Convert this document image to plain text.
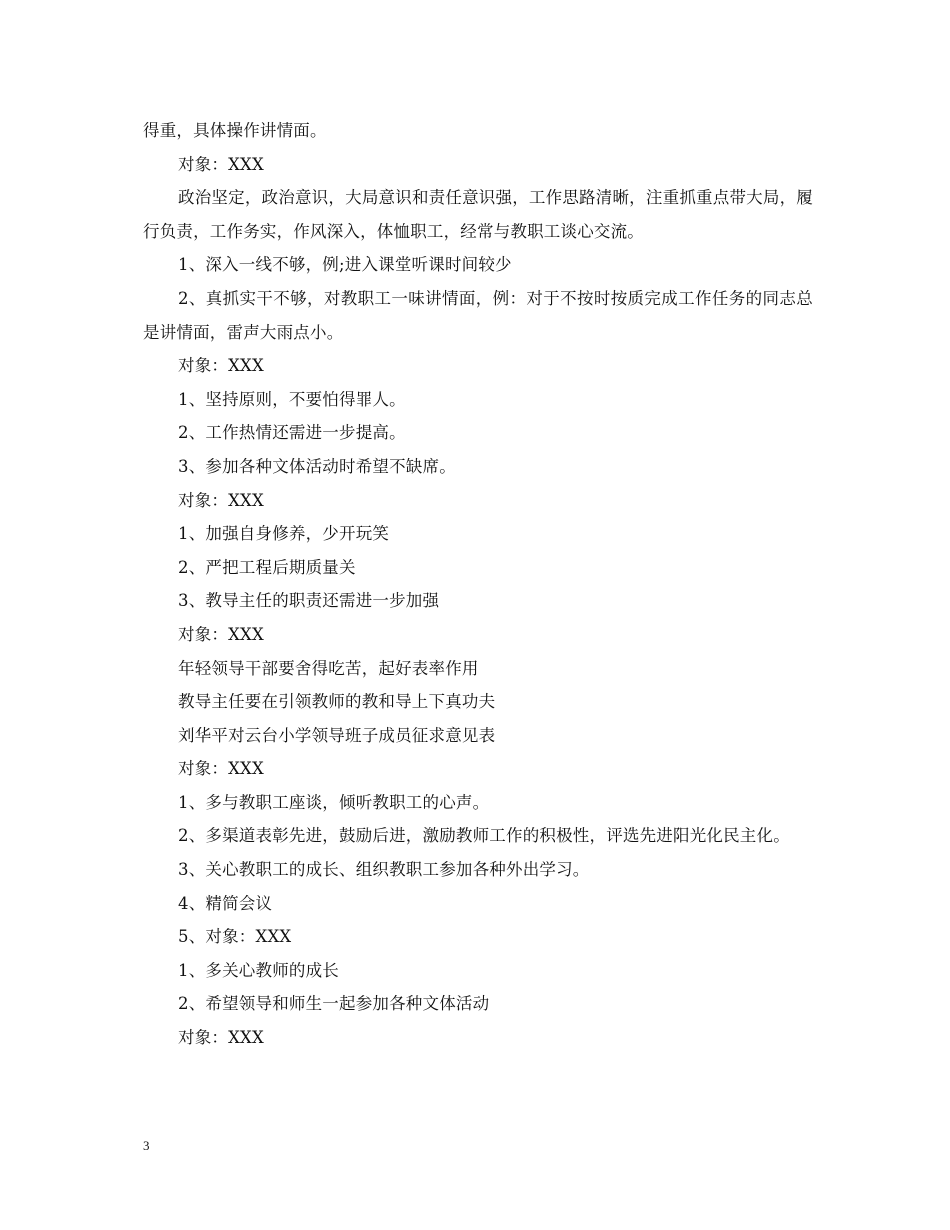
得重，具体操作讲情面。
对象：XXX
政治坚定，政治意识，大局意识和责任意识强，工作思路清晰，注重抓重点带大局，履行负责，工作务实，作风深入，体恤职工，经常与教职工谈心交流。
1、深入一线不够，例;进入课堂听课时间较少
2、真抓实干不够，对教职工一味讲情面，例：对于不按时按质完成工作任务的同志总是讲情面，雷声大雨点小。
对象：XXX
1、坚持原则，不要怕得罪人。
2、工作热情还需进一步提高。
3、参加各种文体活动时希望不缺席。
对象：XXX
1、加强自身修养，少开玩笑
2、严把工程后期质量关
3、教导主任的职责还需进一步加强
对象：XXX
年轻领导干部要舍得吃苦，起好表率作用
教导主任要在引领教师的教和导上下真功夫
刘华平对云台小学领导班子成员征求意见表
对象：XXX
1、多与教职工座谈，倾听教职工的心声。
2、多渠道表彰先进，鼓励后进，激励教师工作的积极性，评选先进阳光化民主化。
3、关心教职工的成长、组织教职工参加各种外出学习。
4、精简会议
5、对象：XXX
1、多关心教师的成长
2、希望领导和师生一起参加各种文体活动
对象：XXX
3
